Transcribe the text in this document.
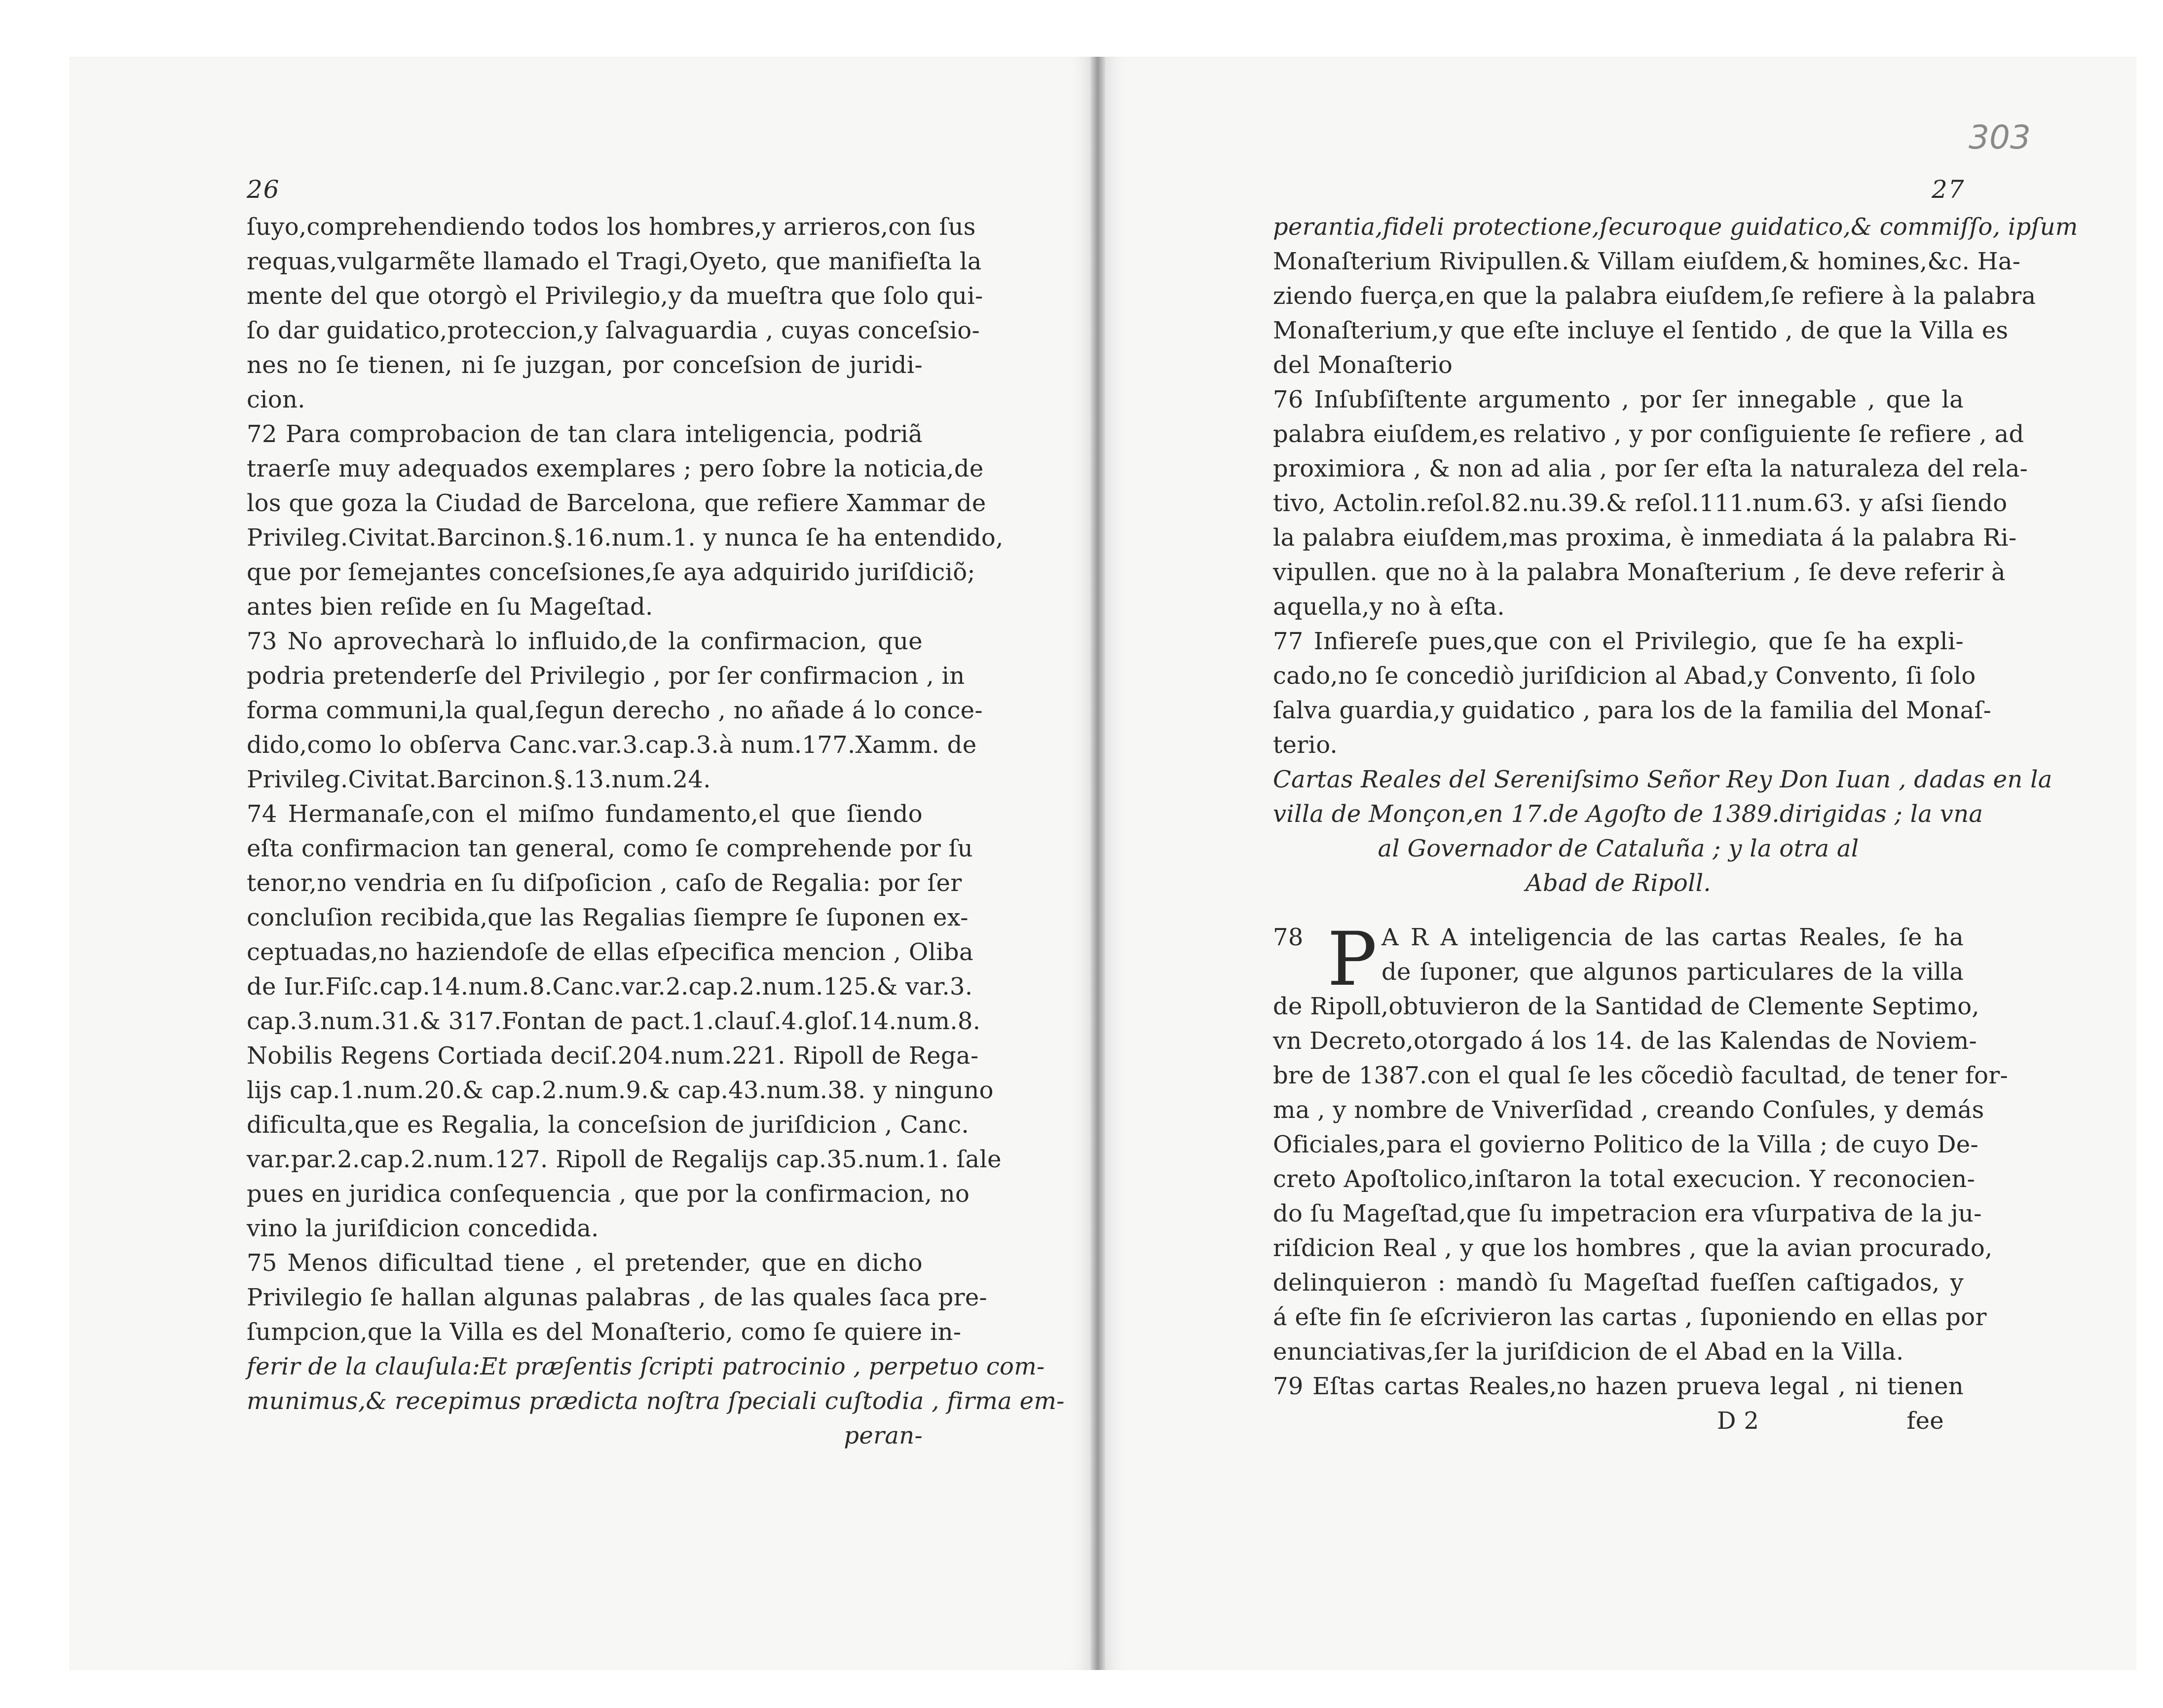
26	27
303
ſuyo,comprehendiendo todos los hombres,y arrieros,con ſus
requas,vulgarmẽte llamado el Tragi,Oyeto, que manifieſta la
mente del que otorgò el Privilegio,y da mueſtra que ſolo qui-
ſo dar guidatico,proteccion,y ſalvaguardia , cuyas conceſsio-
nes no ſe tienen, ni ſe juzgan, por conceſsion de juridi-
cion.
72 Para comprobacion de tan clara inteligencia, podriã
traerſe muy adequados exemplares ; pero ſobre la noticia,de
los que goza la Ciudad de Barcelona, que refiere Xammar de
Privileg.Civitat.Barcinon.§.16.num.1. y nunca ſe ha entendido,
que por ſemejantes conceſsiones,ſe aya adquirido juriſdiciõ;
antes bien reſide en ſu Mageſtad.
73 No aprovecharà lo influido,de la confirmacion, que
podria pretenderſe del Privilegio , por ſer confirmacion , in
forma communi,la qual,ſegun derecho , no añade á lo conce-
dido,como lo obſerva Canc.var.3.cap.3.à num.177.Xamm. de
Privileg.Civitat.Barcinon.§.13.num.24.
74 Hermanaſe,con el miſmo fundamento,el que ſiendo
eſta confirmacion tan general, como ſe comprehende por ſu
tenor,no vendria en ſu diſpoſicion , caſo de Regalia: por ſer
concluſion recibida,que las Regalias ſiempre ſe ſuponen ex-
ceptuadas,no haziendoſe de ellas eſpecifica mencion , Oliba
de Iur.Fiſc.cap.14.num.8.Canc.var.2.cap.2.num.125.& var.3.
cap.3.num.31.& 317.Fontan de pact.1.clauſ.4.gloſ.14.num.8.
Nobilis Regens Cortiada deciſ.204.num.221. Ripoll de Rega-
lijs cap.1.num.20.& cap.2.num.9.& cap.43.num.38. y ninguno
dificulta,que es Regalia, la conceſsion de juriſdicion , Canc.
var.par.2.cap.2.num.127. Ripoll de Regalijs cap.35.num.1. ſale
pues en juridica conſequencia , que por la confirmacion, no
vino la juriſdicion concedida.
75 Menos dificultad tiene , el pretender, que en dicho
Privilegio ſe hallan algunas palabras , de las quales ſaca pre-
ſumpcion,que la Villa es del Monaſterio, como ſe quiere in-
ferir de la clauſula:Et præſentis ſcripti patrocinio , perpetuo com-
munimus,& recepimus prædicta noſtra ſpeciali cuſtodia , firma em-
peran-
perantia,fideli protectione,ſecuroque guidatico,& commiſſo, ipſum
Monaſterium Rivipullen.& Villam eiuſdem,& homines,&c. Ha-
ziendo fuerça,en que la palabra eiuſdem,ſe refiere à la palabra
Monaſterium,y que eſte incluye el ſentido , de que la Villa es
del Monaſterio
76 Inſubſiſtente argumento , por ſer innegable , que la
palabra eiuſdem,es relativo , y por conſiguiente ſe refiere , ad
proximiora , & non ad alia , por ſer eſta la naturaleza del rela-
tivo, Actolin.reſol.82.nu.39.& reſol.111.num.63. y aſsi ſiendo
la palabra eiuſdem,mas proxima, è inmediata á la palabra Ri-
vipullen. que no à la palabra Monaſterium , ſe deve referir à
aquella,y no à eſta.
77 Infiereſe pues,que con el Privilegio, que ſe ha expli-
cado,no ſe concediò juriſdicion al Abad,y Convento, ſi ſolo
ſalva guardia,y guidatico , para los de la familia del Monaſ-
terio.
Cartas Reales del Sereniſsimo Señor Rey Don Iuan , dadas en la
villa de Monçon,en 17.de Agoſto de 1389.dirigidas ; la vna
al Governador de Cataluña ; y la otra al
Abad de Ripoll.
P
78	A R A inteligencia de las cartas Reales, ſe ha
de ſuponer, que algunos particulares de la villa
de Ripoll,obtuvieron de la Santidad de Clemente Septimo,
vn Decreto,otorgado á los 14. de las Kalendas de Noviem-
bre de 1387.con el qual ſe les cõcediò facultad, de tener for-
ma , y nombre de Vniverſidad , creando Conſules, y demás
Oficiales,para el govierno Politico de la Villa ; de cuyo De-
creto Apoſtolico,inſtaron la total execucion. Y reconocien-
do ſu Mageſtad,que ſu impetracion era vſurpativa de la ju-
riſdicion Real , y que los hombres , que la avian procurado,
delinquieron : mandò ſu Mageſtad fueſſen caſtigados, y
á eſte fin ſe eſcrivieron las cartas , ſuponiendo en ellas por
enunciativas,ſer la juriſdicion de el Abad en la Villa.
79 Eſtas cartas Reales,no hazen prueva legal , ni tienen
D 2	fee
